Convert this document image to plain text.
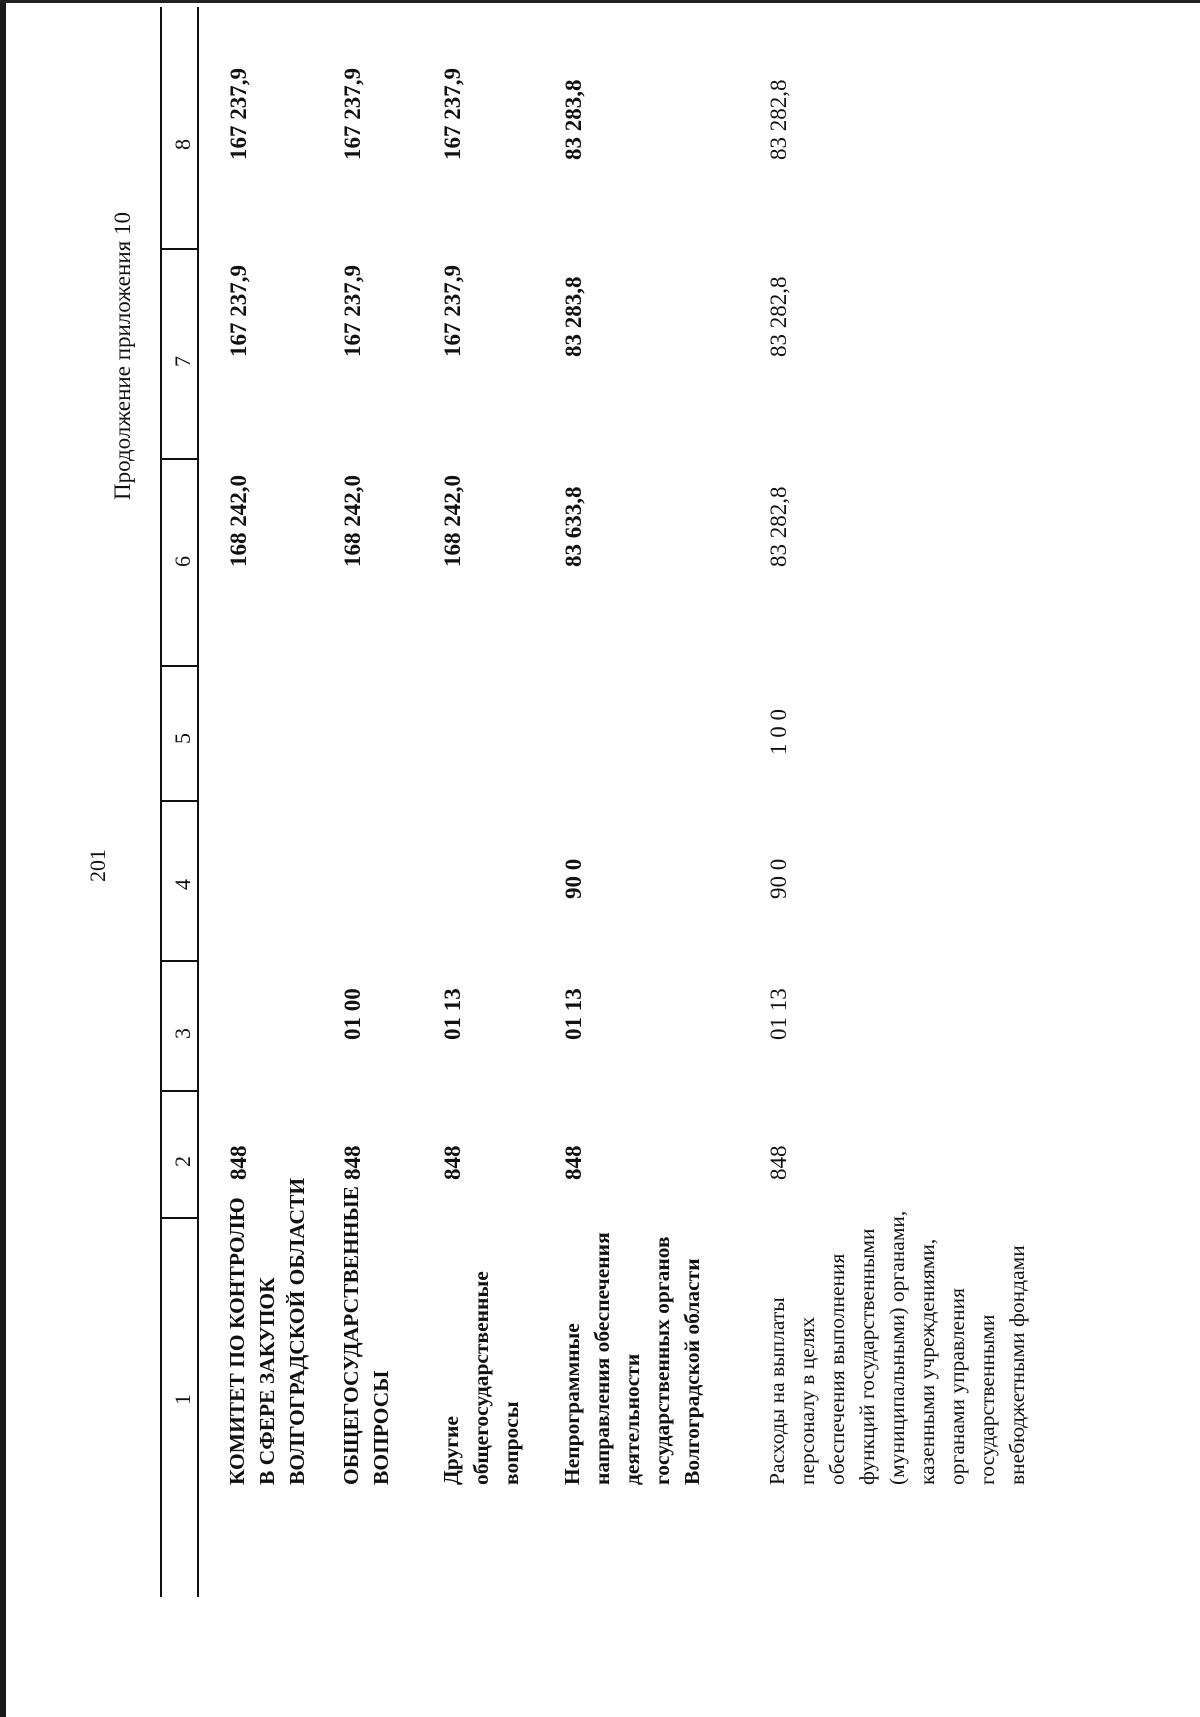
201
Продолжение приложения 10
1
2
3
4
5
6
7
8
КОМИТЕТ ПО КОНТРОЛЮ В СФЕРЕ ЗАКУПОК ВОЛГОГРАДСКОЙ ОБЛАСТИ
848
168 242,0
167 237,9
167 237,9
ОБЩЕГОСУДАРСТВЕННЫЕ ВОПРОСЫ
848
01 00
168 242,0
167 237,9
167 237,9
Другие общегосударственные вопросы
848
01 13
168 242,0
167 237,9
167 237,9
Непрограммные направления обеспечения деятельности государственных органов Волгоградской области
848
01 13
90 0
83 633,8
83 283,8
83 283,8
Расходы на выплаты персоналу в целях обеспечения выполнения функций государственными (муниципальными) органами, казенными учреждениями, органами управления государственными внебюджетными фондами
848
01 13
90 0
1 0 0
83 282,8
83 282,8
83 282,8
